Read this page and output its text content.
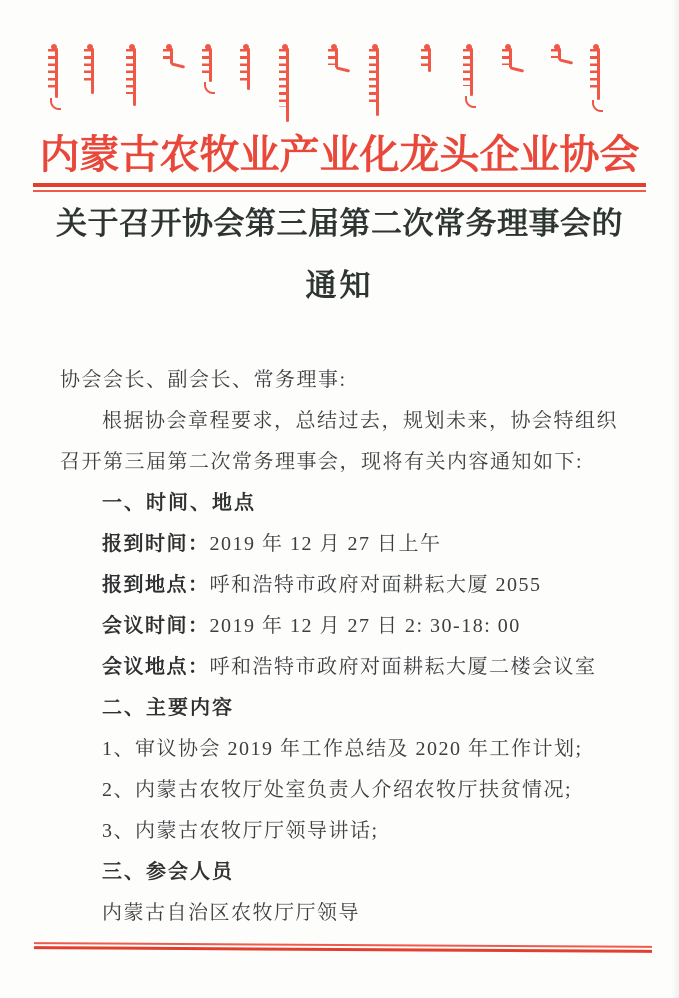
内蒙古农牧业产业化龙头企业协会
关于召开协会第三届第二次常务理事会的
通知
协会会长、副会长、常务理事:
根据协会章程要求，总结过去，规划未来，协会特组织
召开第三届第二次常务理事会，现将有关内容通知如下:
一、时间、地点
报到时间：2019 年 12 月 27 日上午
报到地点：呼和浩特市政府对面耕耘大厦 2055
会议时间：2019 年 12 月 27 日 2: 30-18: 00
会议地点：呼和浩特市政府对面耕耘大厦二楼会议室
二、主要内容
1、审议协会 2019 年工作总结及 2020 年工作计划;
2、内蒙古农牧厅处室负责人介绍农牧厅扶贫情况;
3、内蒙古农牧厅厅领导讲话;
三、参会人员
内蒙古自治区农牧厅厅领导
